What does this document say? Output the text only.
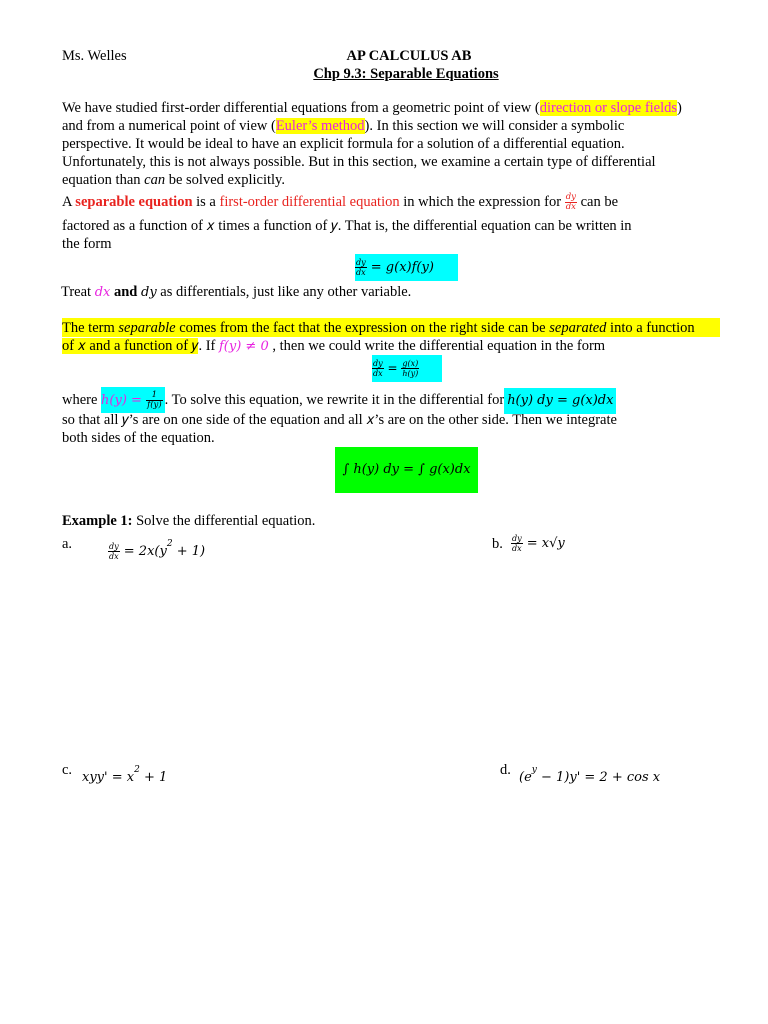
Ms. Welles	AP CALCULUS AB
Chp 9.3: Separable Equations
We have studied first-order differential equations from a geometric point of view (direction or slope fields)
and from a numerical point of view (Euler’s method). In this section we will consider a symbolic
perspective. It would be ideal to have an explicit formula for a solution of a differential equation.
Unfortunately, this is not always possible. But in this section, we examine a certain type of differential
equation than can be solved explicitly.
A separable equation is a first-order differential equation in which the expression for $\frac{\text{𝑑𝑦}}{\text{𝑑𝑥}}$ can be
factored as a function of 𝑥 times a function of 𝑦. That is, the differential equation can be written in
the form
$\frac{\text{𝑑𝑦}}{\text{𝑑𝑥}}$ = 𝑔(𝑥)𝑓(𝑦)
Treat 𝑑𝑥 and 𝑑𝑦 as differentials, just like any other variable.
The term separable comes from the fact that the expression on the right side can be separated into a function
of 𝑥 and a function of 𝑦. If 𝑓(𝑦) ≠ 0 , then we could write the differential equation in the form
$\frac{\text{𝑑𝑦}}{\text{𝑑𝑥}} = \frac{\text{𝑔(𝑥)}}{\text{ℎ(𝑦)}}$
where ℎ(𝑦) = $\frac{1}{\text{𝑓(𝑦)}}$ . To solve this equation, we rewrite it in the differential for ℎ(𝑦) 𝑑𝑦 = 𝑔(𝑥)𝑑𝑥
so that all 𝑦’s are on one side of the equation and all 𝑥’s are on the other side. Then we integrate
both sides of the equation.
∫ ℎ(𝑦) 𝑑𝑦 = ∫ 𝑔(𝑥)𝑑𝑥
Example 1: Solve the differential equation.
a.	$\frac{\text{𝑑𝑦}}{\text{𝑑𝑥}}$ = 2𝑥(𝑦$^2$ + 1)	b. $\frac{\text{𝑑𝑦}}{\text{𝑑𝑥}}$ = 𝑥√𝑦
c. 𝑥𝑦𝑦' = 𝑥$^2$ + 1	d. (𝑒$^𝑦$ − 1)𝑦' = 2 + 𝑐𝑜𝑠 𝑥
